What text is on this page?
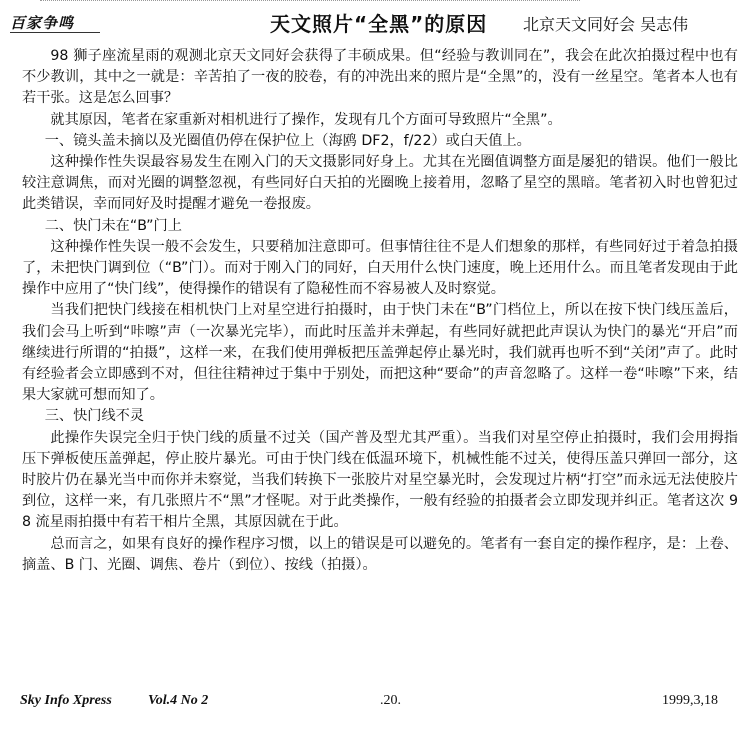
百家争鸣	天文照片“全黑”的原因 北京天文同好会 吴志伟

98 狮子座流星雨的观测北京天文同好会获得了丰硕成果。但“经验与教训同在”，我会在此次拍摄过程中也有不少教训，其中之一就是：辛苦拍了一夜的胶卷，有的冲洗出来的照片是“全黑”的，没有一丝星空。笔者本人也有若干张。这是怎么回事？

就其原因，笔者在家重新对相机进行了操作，发现有几个方面可导致照片“全黑”。

一、镜头盖未摘以及光圈值仍停在保护位上（海鸥 DF2，f/22）或白天值上。

这种操作性失误最容易发生在刚入门的天文摄影同好身上。尤其在光圈值调整方面是屡犯的错误。他们一般比较注意调焦，而对光圈的调整忽视，有些同好白天拍的光圈晚上接着用，忽略了星空的黑暗。笔者初入时也曾犯过此类错误，幸而同好及时提醒才避免一卷报废。

二、快门未在“B”门上

这种操作性失误一般不会发生，只要稍加注意即可。但事情往往不是人们想象的那样，有些同好过于着急拍摄了，未把快门调到位（“B”门）。而对于刚入门的同好，白天用什么快门速度，晚上还用什么。而且笔者发现由于此操作中应用了“快门线”，使得操作的错误有了隐秘性而不容易被人及时察觉。

当我们把快门线接在相机快门上对星空进行拍摄时，由于快门未在“B”门档位上，所以在按下快门线压盖后，我们会马上听到“咔嚓”声（一次暴光完毕），而此时压盖并未弹起，有些同好就把此声误认为快门的暴光“开启”而继续进行所谓的“拍摄”，这样一来，在我们使用弹板把压盖弹起停止暴光时，我们就再也听不到“关闭”声了。此时有经验者会立即感到不对，但往往精神过于集中于别处，而把这种“要命”的声音忽略了。这样一卷“咔嚓”下来，结果大家就可想而知了。

三、快门线不灵

此操作失误完全归于快门线的质量不过关（国产普及型尤其严重）。当我们对星空停止拍摄时，我们会用拇指压下弹板使压盖弹起，停止胶片暴光。可由于快门线在低温环境下，机械性能不过关，使得压盖只弹回一部分，这时胶片仍在暴光当中而你并未察觉，当我们转换下一张胶片对星空暴光时，会发现过片柄“打空”而永远无法使胶片到位，这样一来，有几张照片不“黑”才怪呢。对于此类操作，一般有经验的拍摄者会立即发现并纠正。笔者这次 98 流星雨拍摄中有若干相片全黑，其原因就在于此。

总而言之，如果有良好的操作程序习惯，以上的错误是可以避免的。笔者有一套自定的操作程序，是：上卷、摘盖、B 门、光圈、调焦、卷片（到位）、按线（拍摄）。

Sky Info Xpress	Vol.4 No 2	.20.	1999,3,18
